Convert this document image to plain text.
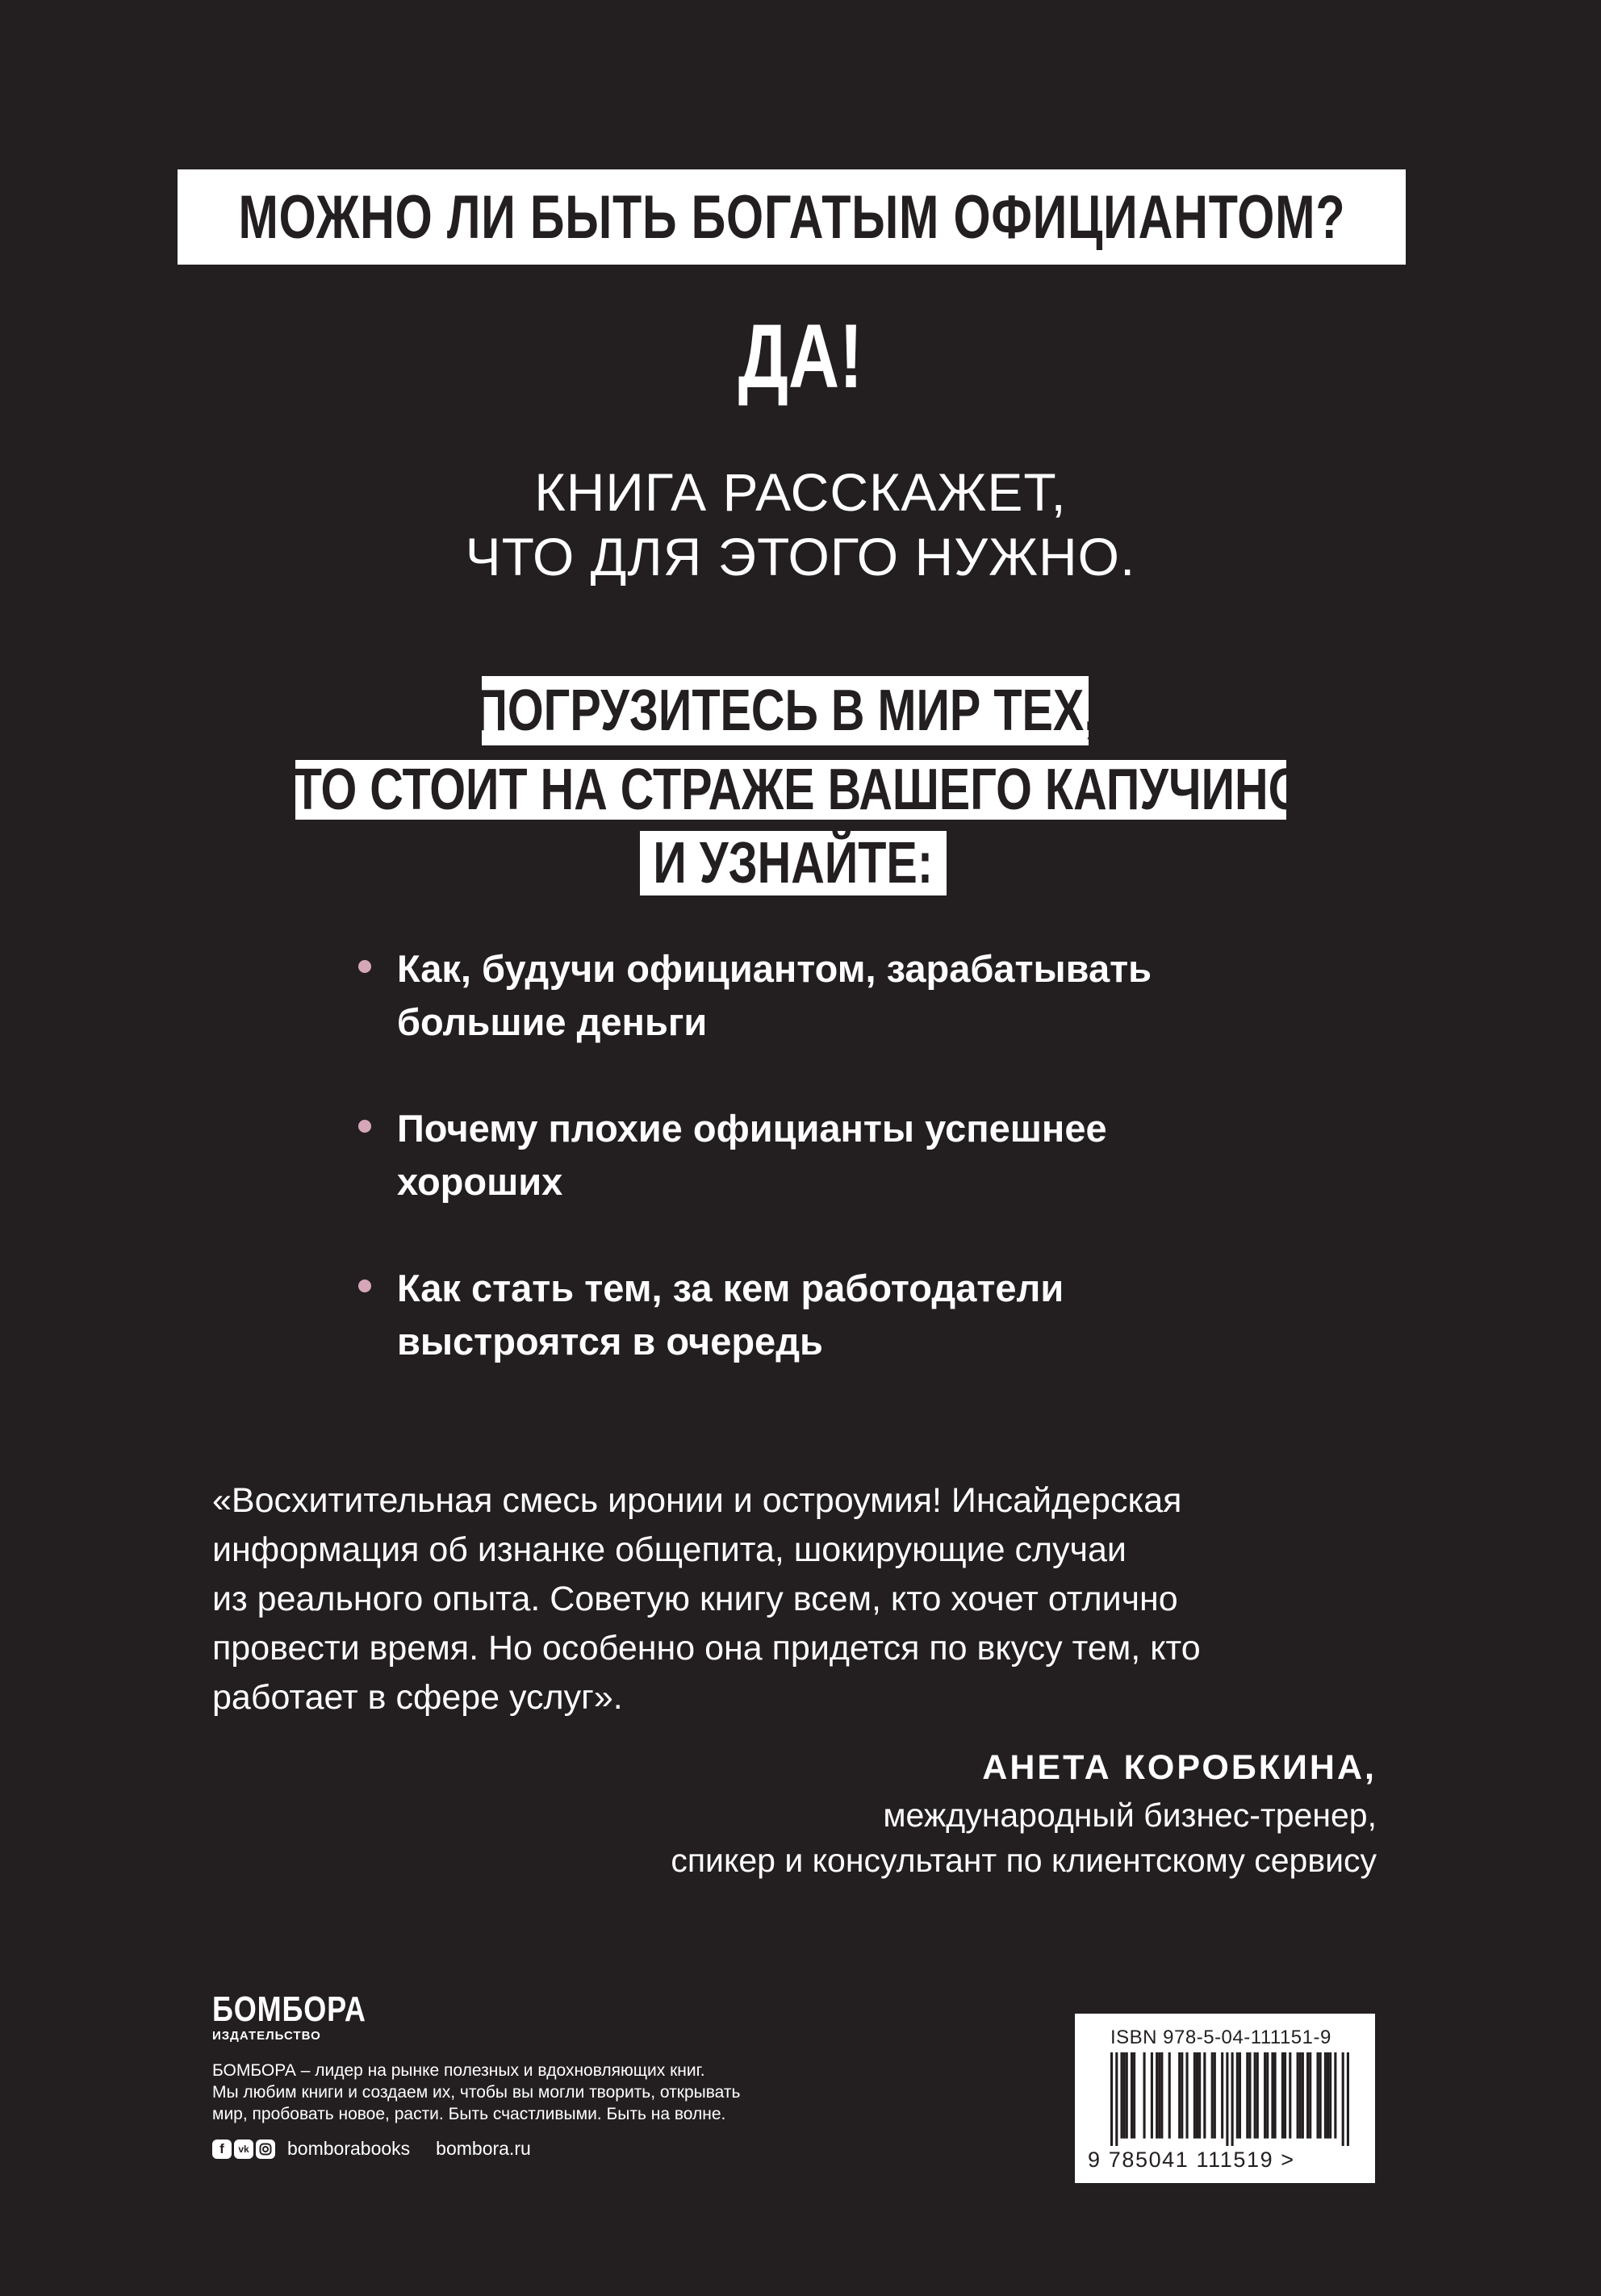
МОЖНО ЛИ БЫТЬ БОГАТЫМ ОФИЦИАНТОМ?
ДА!
КНИГА РАССКАЖЕТ,
ЧТО ДЛЯ ЭТОГО НУЖНО.
ПОГРУЗИТЕСЬ В МИР ТЕХ,
КТО СТОИТ НА СТРАЖЕ ВАШЕГО КАПУЧИНО,
И УЗНАЙТЕ:
Как, будучи официантом, зарабатывать
большие деньги
Почему плохие официанты успешнее
хороших
Как стать тем, за кем работодатели
выстроятся в очередь
«Восхитительная смесь иронии и остроумия! Инсайдерская
информация об изнанке общепита, шокирующие случаи
из реального опыта. Советую книгу всем, кто хочет отлично
провести время. Но особенно она придется по вкусу тем, кто
работает в сфере услуг».
АНЕТА КОРОБКИНА,
международный бизнес-тренер,
спикер и консультант по клиентскому сервису
БОМБОРА
ИЗДАТЕЛЬСТВО
БОМБОРА – лидер на рынке полезных и вдохновляющих книг.
Мы любим книги и создаем их, чтобы вы могли творить, открывать
мир, пробовать новое, расти. Быть счастливыми. Быть на волне.
f	vk bomborabooks bombora.ru
ISBN 978-5-04-111151-9
9 785041 111519 >
